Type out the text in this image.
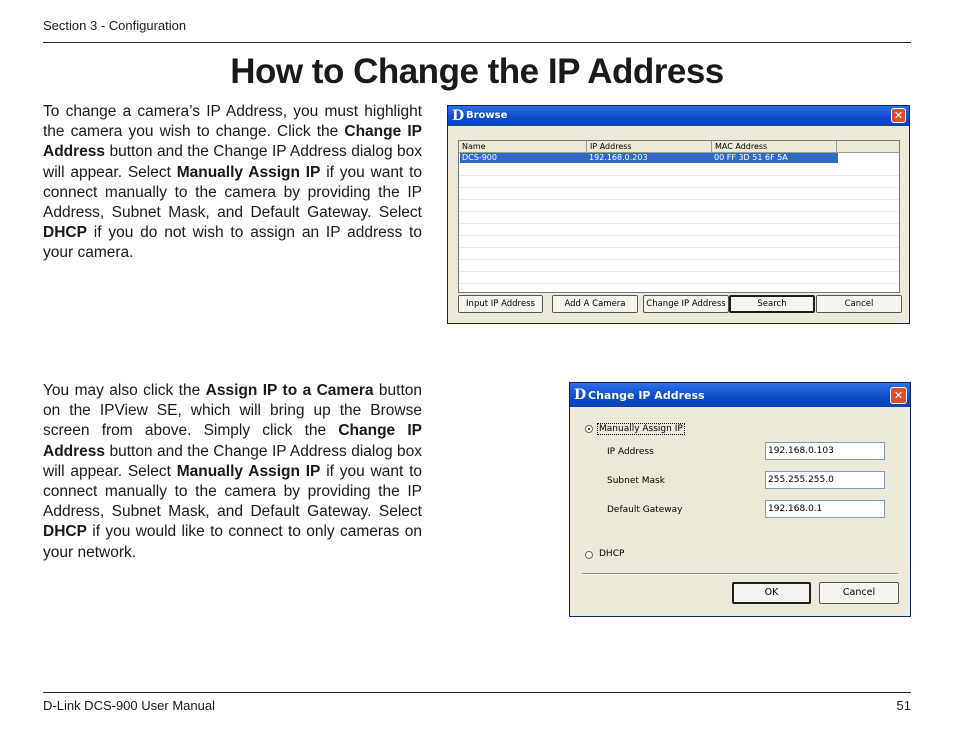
Section 3 - Configuration
How to Change the IP Address
To change a camera’s IP Address, you must highlight the camera you wish to change. Click the Change IP Address button and the Change IP Address dialog box will appear. Select Manually Assign IP if you want to connect manually to the camera by providing the IP Address, Subnet Mask, and Default Gateway. Select DHCP if you do not wish to assign an IP address to your camera.
You may also click the Assign IP to a Camera button on the IPView SE, which will bring up the Browse screen from above. Simply click the Change IP Address button and the Change IP Address dialog box will appear. Select Manually Assign IP if you want to connect manually to the camera by providing the IP Address, Subnet Mask, and Default Gateway. Select DHCP if you would like to connect to only cameras on your network.
D Browse	✕
Name	IP Address	MAC Address
DCS-900	192.168.0.203	00 FF 3D 51 6F 5A
Input IP Address	Add A Camera	Change IP Address	Search	Cancel
D Change IP Address	✕
Manually Assign IP
IP Address	192.168.0.103
Subnet Mask	255.255.255.0
Default Gateway	192.168.0.1
DHCP
OK	Cancel
D-Link DCS-900 User Manual	51
